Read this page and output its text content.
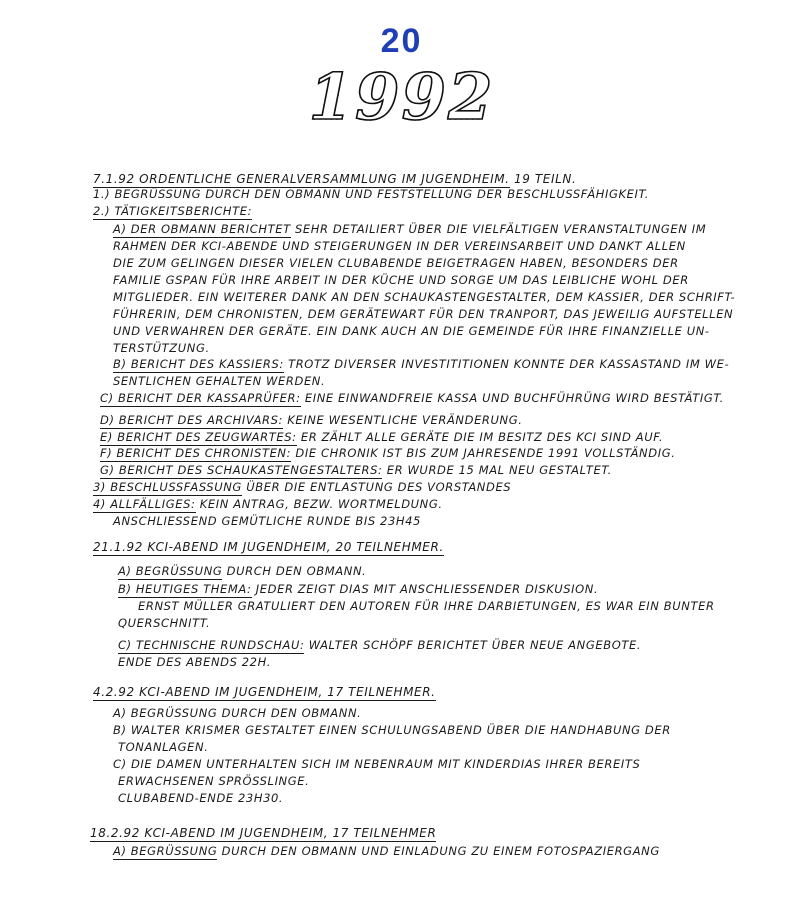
20
1992
7.1.92 ORDENTLICHE GENERALVERSAMMLUNG IM JUGENDHEIM. 19 TEILN.
1.) BEGRÜSSUNG DURCH DEN OBMANN UND FESTSTELLUNG DER BESCHLUSSFÄHIGKEIT.
2.) TÄTIGKEITSBERICHTE:
A) DER OBMANN BERICHTET SEHR DETAILIERT ÜBER DIE VIELFÄLTIGEN VERANSTALTUNGEN IM
RAHMEN DER KCI-ABENDE UND STEIGERUNGEN IN DER VEREINSARBEIT UND DANKT ALLEN
DIE ZUM GELINGEN DIESER VIELEN CLUBABENDE BEIGETRAGEN HABEN, BESONDERS DER
FAMILIE GSPAN FÜR IHRE ARBEIT IN DER KÜCHE UND SORGE UM DAS LEIBLICHE WOHL DER
MITGLIEDER. EIN WEITERER DANK AN DEN SCHAUKASTENGESTALTER, DEM KASSIER, DER SCHRIFT-
FÜHRERIN, DEM CHRONISTEN, DEM GERÄTEWART FÜR DEN TRANPORT, DAS JEWEILIG AUFSTELLEN
UND VERWAHREN DER GERÄTE. EIN DANK AUCH AN DIE GEMEINDE FÜR IHRE FINANZIELLE UN-
TERSTÜTZUNG.
B) BERICHT DES KASSIERS: TROTZ DIVERSER INVESTITITIONEN KONNTE DER KASSASTAND IM WE-
SENTLICHEN GEHALTEN WERDEN.
C) BERICHT DER KASSAPRÜFER: EINE EINWANDFREIE KASSA UND BUCHFÜHRÜNG WIRD BESTÄTIGT.
D) BERICHT DES ARCHIVARS: KEINE WESENTLICHE VERÄNDERUNG.
E) BERICHT DES ZEUGWARTES: ER ZÄHLT ALLE GERÄTE DIE IM BESITZ DES KCI SIND AUF.
F) BERICHT DES CHRONISTEN: DIE CHRONIK IST BIS ZUM JAHRESENDE 1991 VOLLSTÄNDIG.
G) BERICHT DES SCHAUKASTENGESTALTERS: ER WURDE 15 MAL NEU GESTALTET.
3) BESCHLUSSFASSUNG ÜBER DIE ENTLASTUNG DES VORSTANDES
4) ALLFÄLLIGES: KEIN ANTRAG, BEZW. WORTMELDUNG.
ANSCHLIESSEND GEMÜTLICHE RUNDE BIS 23H45
21.1.92 KCI-ABEND IM JUGENDHEIM, 20 TEILNEHMER.
A) BEGRÜSSUNG DURCH DEN OBMANN.
B) HEUTIGES THEMA: JEDER ZEIGT DIAS MIT ANSCHLIESSENDER DISKUSION.
ERNST MÜLLER GRATULIERT DEN AUTOREN FÜR IHRE DARBIETUNGEN, ES WAR EIN BUNTER
QUERSCHNITT.
C) TECHNISCHE RUNDSCHAU: WALTER SCHÖPF BERICHTET ÜBER NEUE ANGEBOTE.
ENDE DES ABENDS 22H.
4.2.92 KCI-ABEND IM JUGENDHEIM, 17 TEILNEHMER.
A) BEGRÜSSUNG DURCH DEN OBMANN.
B) WALTER KRISMER GESTALTET EINEN SCHULUNGSABEND ÜBER DIE HANDHABUNG DER
TONANLAGEN.
C) DIE DAMEN UNTERHALTEN SICH IM NEBENRAUM MIT KINDERDIAS IHRER BEREITS
ERWACHSENEN SPRÖSSLINGE.
CLUBABEND-ENDE 23H30.
18.2.92 KCI-ABEND IM JUGENDHEIM, 17 TEILNEHMER
A) BEGRÜSSUNG DURCH DEN OBMANN UND EINLADUNG ZU EINEM FOTOSPAZIERGANG
